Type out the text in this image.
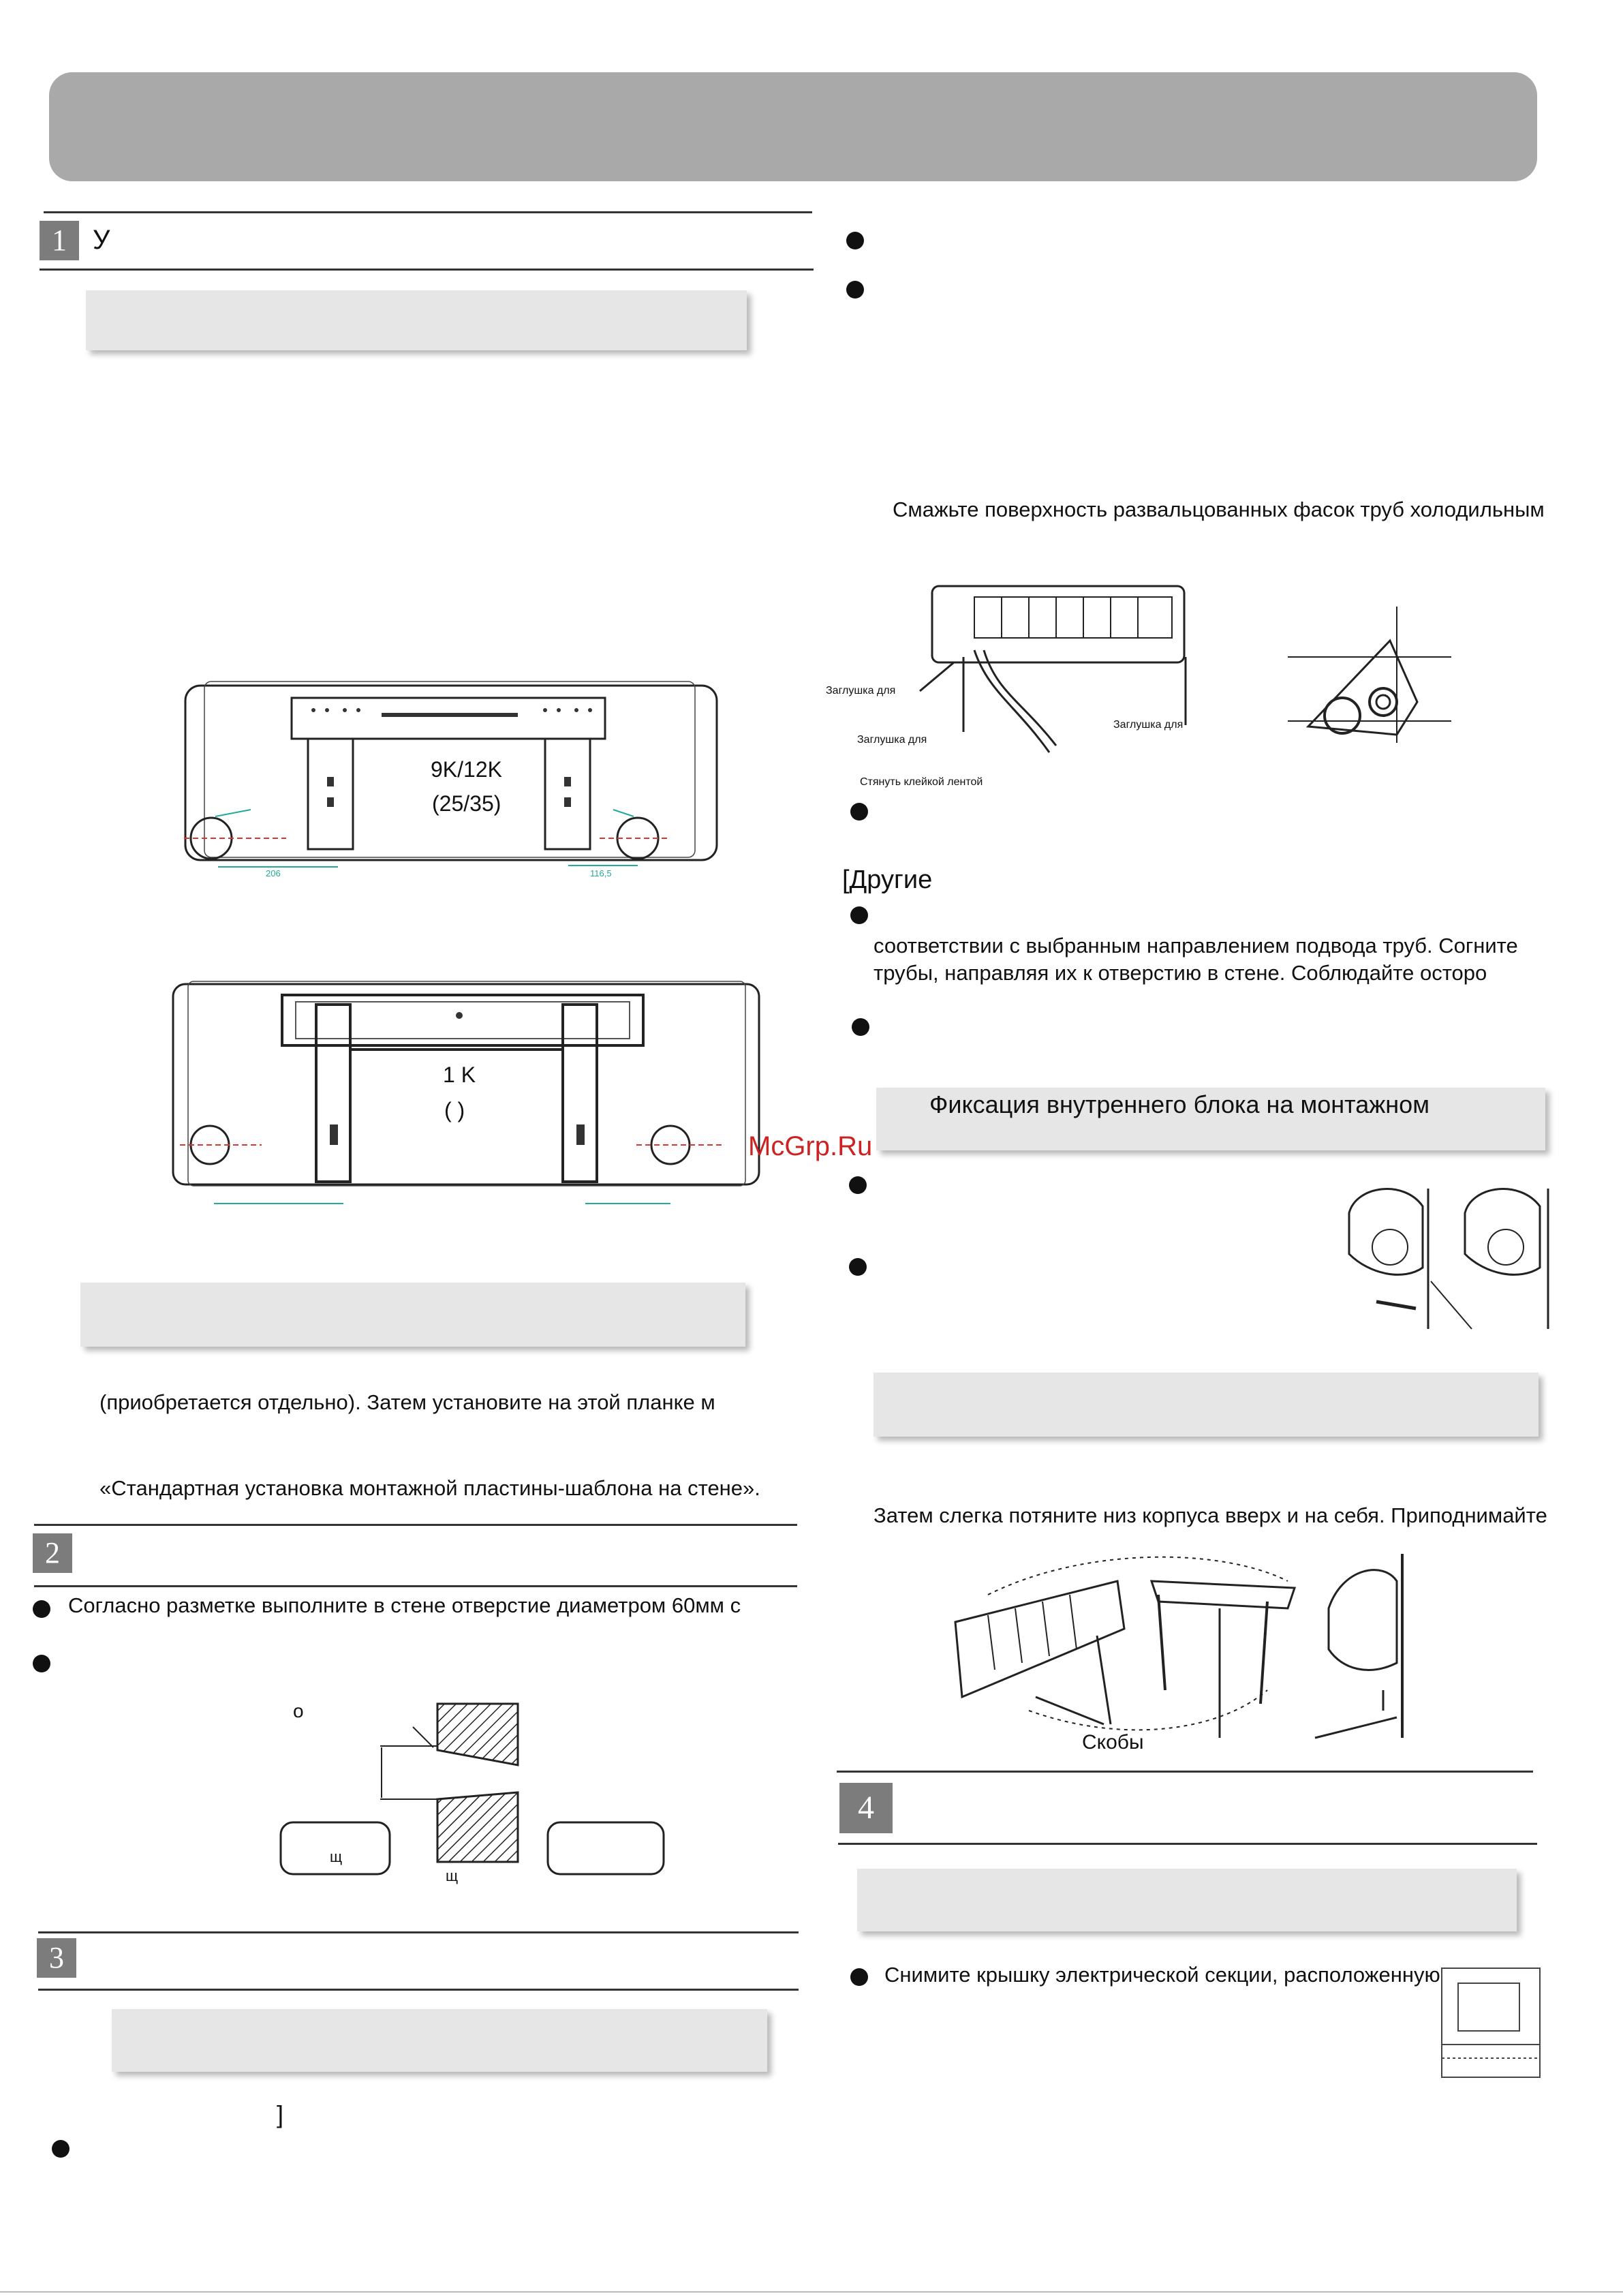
1 У
206	116,5
9K/12K
(25/35)
1 K
( )
(приобретается отдельно). Затем установите на этой планке м
«Стандартная установка монтажной пластины-шаблона на стене».
2
Согласно разметке выполните в стене отверстие диаметром 60мм с
о
щ
щ
3
]
Смажьте поверхность развальцованных фасок труб холодильным
Заглушка для
Заглушка для
Заглушка для
Стянуть клейкой лентой
[Другие
соответствии с выбранным направлением подвода труб. Согните
трубы, направляя их к отверстию в стене. Соблюдайте осторо
Фиксация внутреннего блока на монтажном
McGrp.Ru
Затем слегка потяните низ корпуса вверх и на себя. Приподнимайте
Скобы
4
Снимите крышку электрической секции, расположенную
